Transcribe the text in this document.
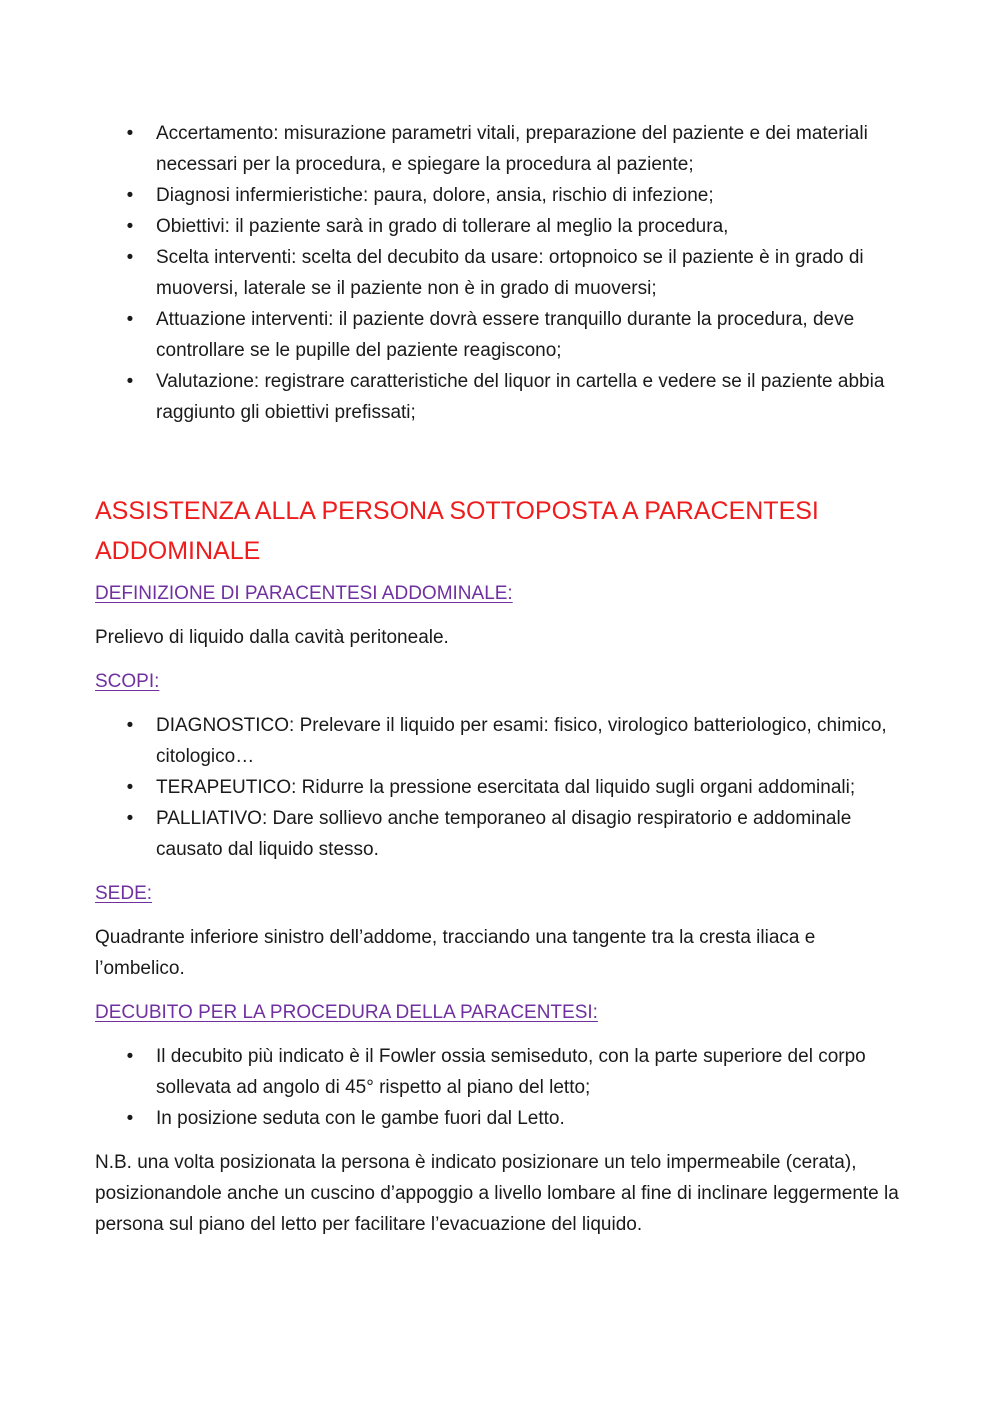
• Accertamento: misurazione parametri vitali, preparazione del paziente e dei materiali necessari per la procedura, e spiegare la procedura al paziente;
• Diagnosi infermieristiche: paura, dolore, ansia, rischio di infezione;
• Obiettivi: il paziente sarà in grado di tollerare al meglio la procedura,
• Scelta interventi: scelta del decubito da usare: ortopnoico se il paziente è in grado di muoversi, laterale se il paziente non è in grado di muoversi;
• Attuazione interventi: il paziente dovrà essere tranquillo durante la procedura, deve controllare se le pupille del paziente reagiscono;
• Valutazione: registrare caratteristiche del liquor in cartella e vedere se il paziente abbia raggiunto gli obiettivi prefissati;
ASSISTENZA ALLA PERSONA SOTTOPOSTA A PARACENTESI
ADDOMINALE
DEFINIZIONE DI PARACENTESI ADDOMINALE:

Prelievo di liquido dalla cavità peritoneale.

SCOPI:
• DIAGNOSTICO: Prelevare il liquido per esami: fisico, virologico batteriologico, chimico, citologico…
• TERAPEUTICO: Ridurre la pressione esercitata dal liquido sugli organi addominali;
• PALLIATIVO: Dare sollievo anche temporaneo al disagio respiratorio e addominale causato dal liquido stesso.
SEDE:

Quadrante inferiore sinistro dell’addome, tracciando una tangente tra la cresta iliaca e l’ombelico.

DECUBITO PER LA PROCEDURA DELLA PARACENTESI:
• Il decubito più indicato è il Fowler ossia semiseduto, con la parte superiore del corpo sollevata ad angolo di 45° rispetto al piano del letto;
• In posizione seduta con le gambe fuori dal Letto.

N.B. una volta posizionata la persona è indicato posizionare un telo impermeabile (cerata), posizionandole anche un cuscino d’appoggio a livello lombare al fine di inclinare leggermente la persona sul piano del letto per facilitare l’evacuazione del liquido.
